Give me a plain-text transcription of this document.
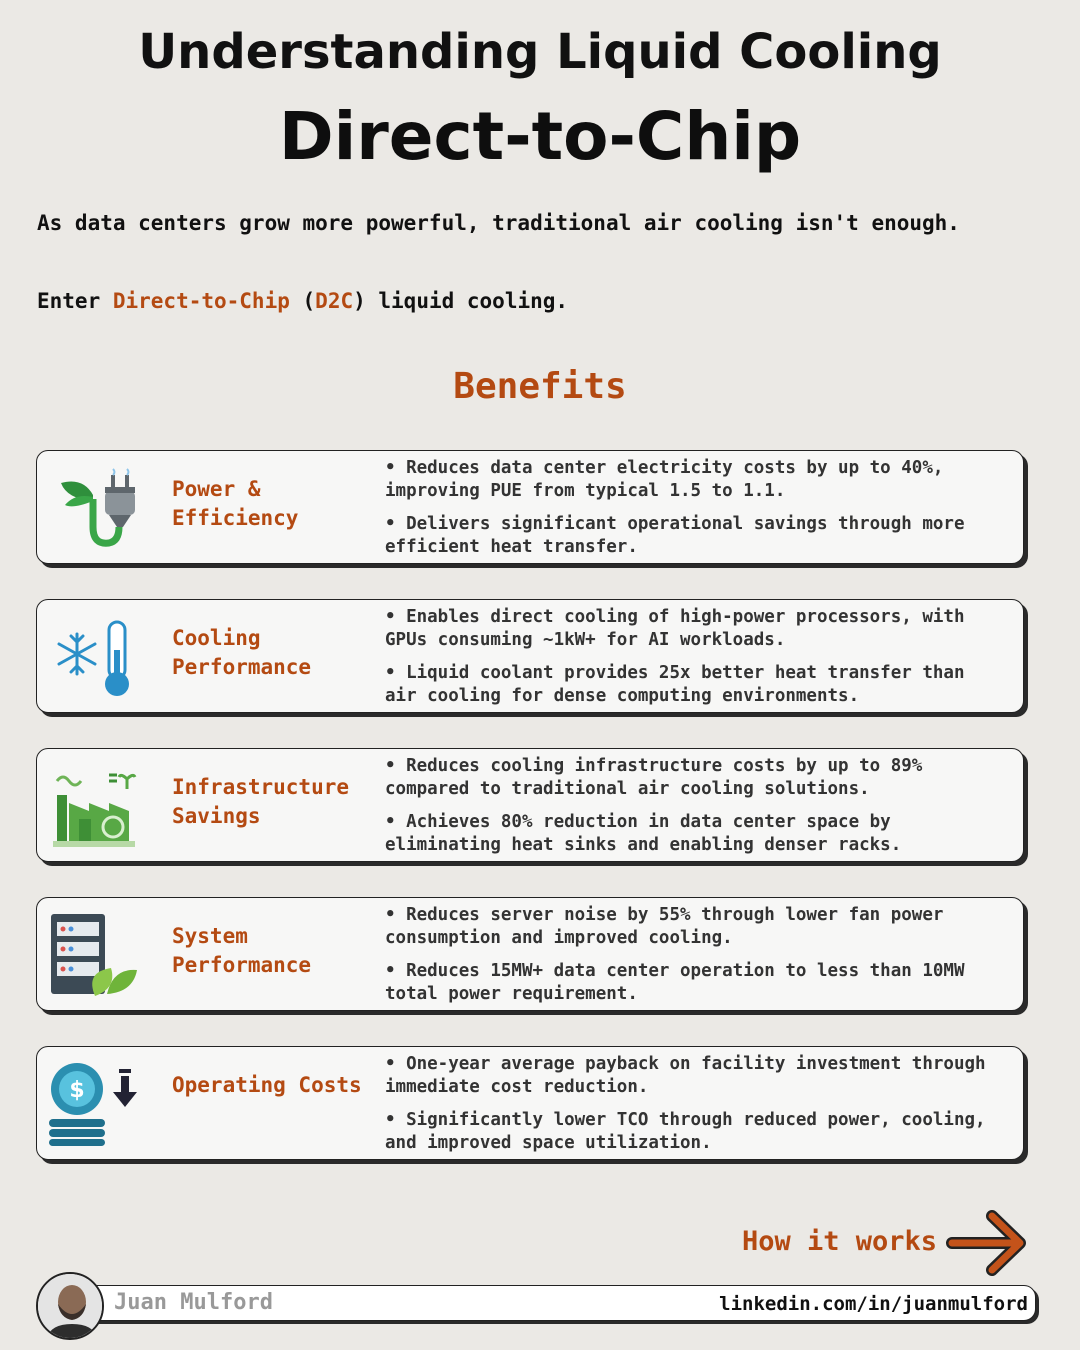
Understanding Liquid Cooling
Direct-to-Chip
As data centers grow more powerful, traditional air cooling isn't enough.
Enter Direct-to-Chip (D2C) liquid cooling.
Benefits
Power & Efficiency
• Reduces data center electricity costs by up to 40%, improving PUE from typical 1.5 to 1.1.
• Delivers significant operational savings through more efficient heat transfer.
Cooling Performance
• Enables direct cooling of high-power processors, with GPUs consuming ~1kW+ for AI workloads.
• Liquid coolant provides 25x better heat transfer than air cooling for dense computing environments.
Infrastructure Savings
• Reduces cooling infrastructure costs by up to 89% compared to traditional air cooling solutions.
• Achieves 80% reduction in data center space by eliminating heat sinks and enabling denser racks.
System Performance
• Reduces server noise by 55% through lower fan power consumption and improved cooling.
• Reduces 15MW+ data center operation to less than 10MW total power requirement.
$	Operating Costs
• One-year average payback on facility investment through immediate cost reduction.
• Significantly lower TCO through reduced power, cooling, and improved space utilization.
How it works
Juan Mulford	linkedin.com/in/juanmulford
